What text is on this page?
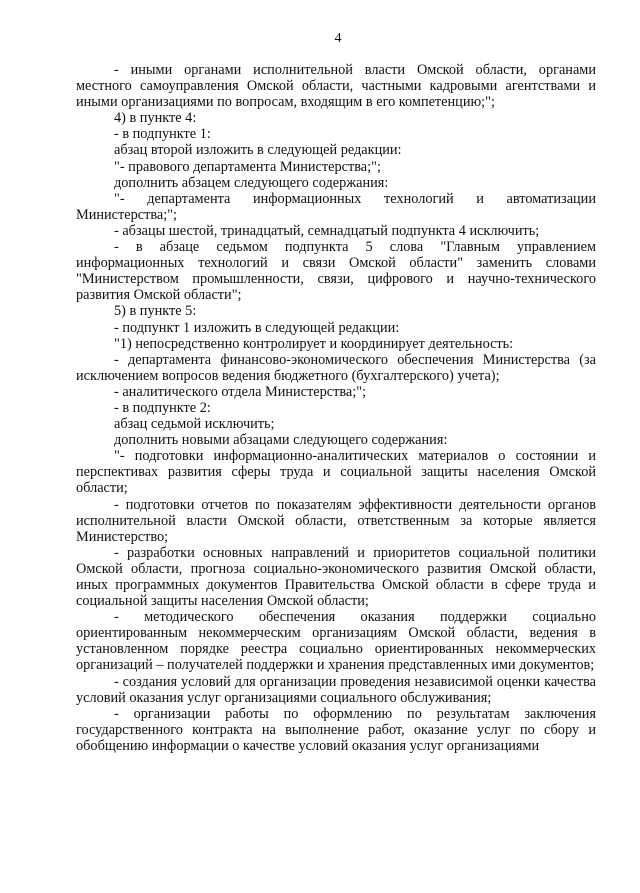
4

- иными органами исполнительной власти Омской области, органами местного самоуправления Омской области, частными кадровыми агентствами и иными организациями по вопросам, входящим в его компетенцию;";

4) в пункте 4:

- в подпункте 1:

абзац второй изложить в следующей редакции:

"- правового департамента Министерства;";

дополнить абзацем следующего содержания:

"- департамента информационных технологий и автоматизации Министерства;";

- абзацы шестой, тринадцатый, семнадцатый подпункта 4 исключить;

- в абзаце седьмом подпункта 5 слова "Главным управлением информационных технологий и связи Омской области" заменить словами "Министерством промышленности, связи, цифрового и научно-технического развития Омской области";

5) в пункте 5:

- подпункт 1 изложить в следующей редакции:

"1) непосредственно контролирует и координирует деятельность:

- департамента финансово-экономического обеспечения Министерства (за исключением вопросов ведения бюджетного (бухгалтерского) учета);

- аналитического отдела Министерства;";

- в подпункте 2:

абзац седьмой исключить;

дополнить новыми абзацами следующего содержания:

"- подготовки информационно-аналитических материалов о состоянии и перспективах развития сферы труда и социальной защиты населения Омской области;

- подготовки отчетов по показателям эффективности деятельности органов исполнительной власти Омской области, ответственным за которые является Министерство;

- разработки основных направлений и приоритетов социальной политики Омской области, прогноза социально-экономического развития Омской области, иных программных документов Правительства Омской области в сфере труда и социальной защиты населения Омской области;

- методического обеспечения оказания поддержки социально ориентированным некоммерческим организациям Омской области, ведения в установленном порядке реестра социально ориентированных некоммерческих организаций – получателей поддержки и хранения представленных ими документов;

- создания условий для организации проведения независимой оценки качества условий оказания услуг организациями социального обслуживания;

- организации работы по оформлению по результатам заключения государственного контракта на выполнение работ, оказание услуг по сбору и обобщению информации о качестве условий оказания услуг организациями
